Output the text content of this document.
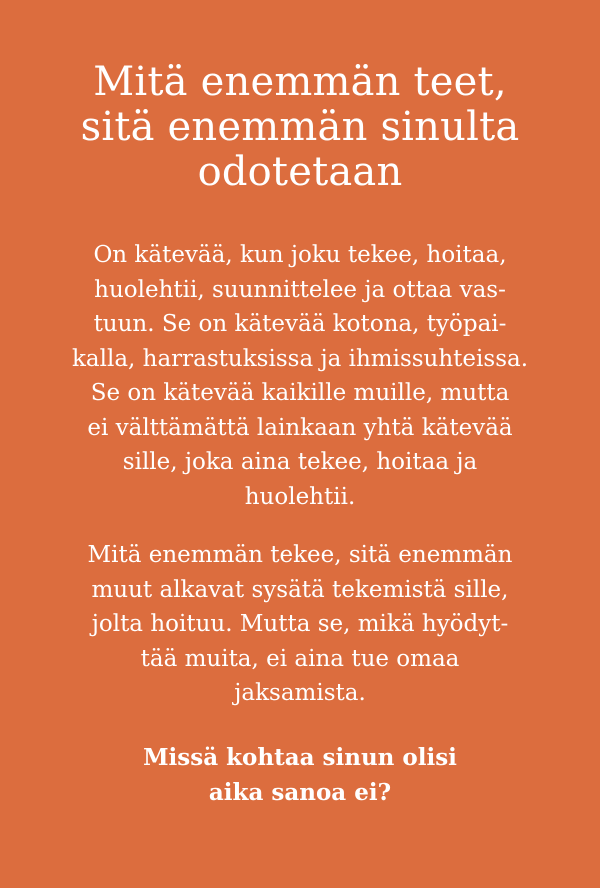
Mitä enemmän teet,
sitä enemmän sinulta
odotetaan

On kätevää, kun joku tekee, hoitaa,
huolehtii, suunnittelee ja ottaa vas-
tuun. Se on kätevää kotona, työpai-
kalla, harrastuksissa ja ihmissuhteissa.
Se on kätevää kaikille muille, mutta
ei välttämättä lainkaan yhtä kätevää
sille, joka aina tekee, hoitaa ja
huolehtii.

Mitä enemmän tekee, sitä enemmän
muut alkavat sysätä tekemistä sille,
jolta hoituu. Mutta se, mikä hyödyt-
tää muita, ei aina tue omaa
jaksamista.

Missä kohtaa sinun olisi
aika sanoa ei?
